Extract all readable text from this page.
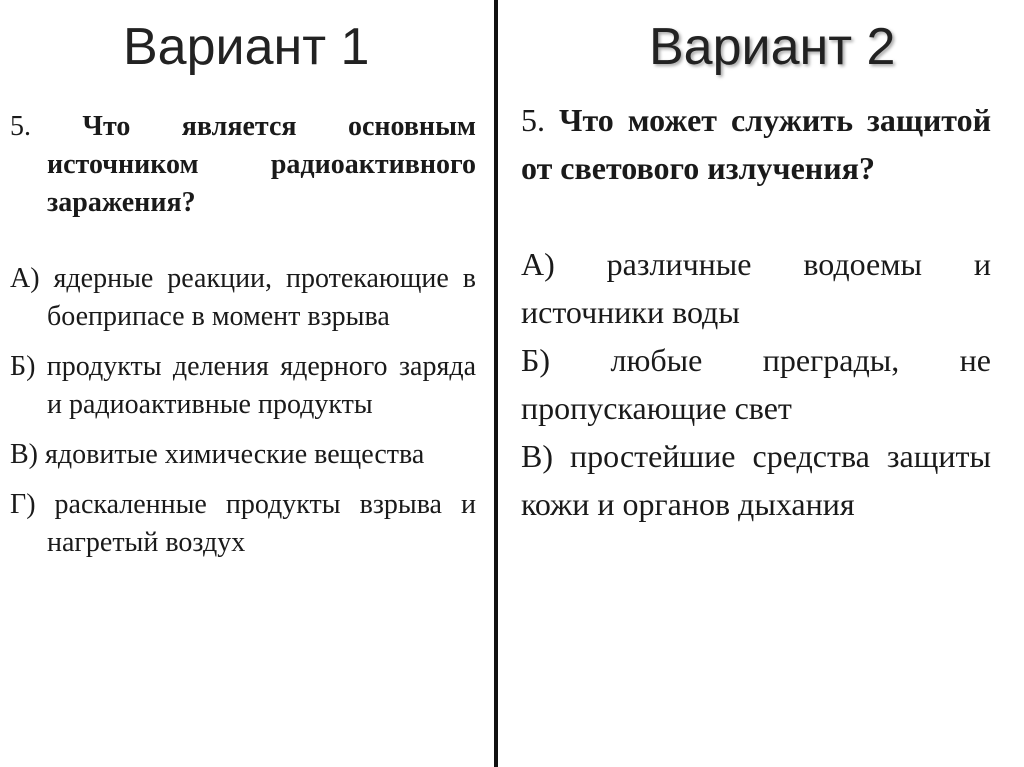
Вариант 1	Вариант 2

5. Что является основным источником радиоактивного заражения?

А) ядерные реакции, протекающие в боеприпасе в момент взрыва

Б) продукты деления ядерного заряда и радиоактивные продукты

В) ядовитые химические вещества

Г) раскаленные продукты взрыва и нагретый воздух

5. Что может служить защитой от светового излучения?

А) различные водоемы и источники воды

Б) любые преграды, не пропускающие свет

В) простейшие средства защиты кожи и органов дыхания
